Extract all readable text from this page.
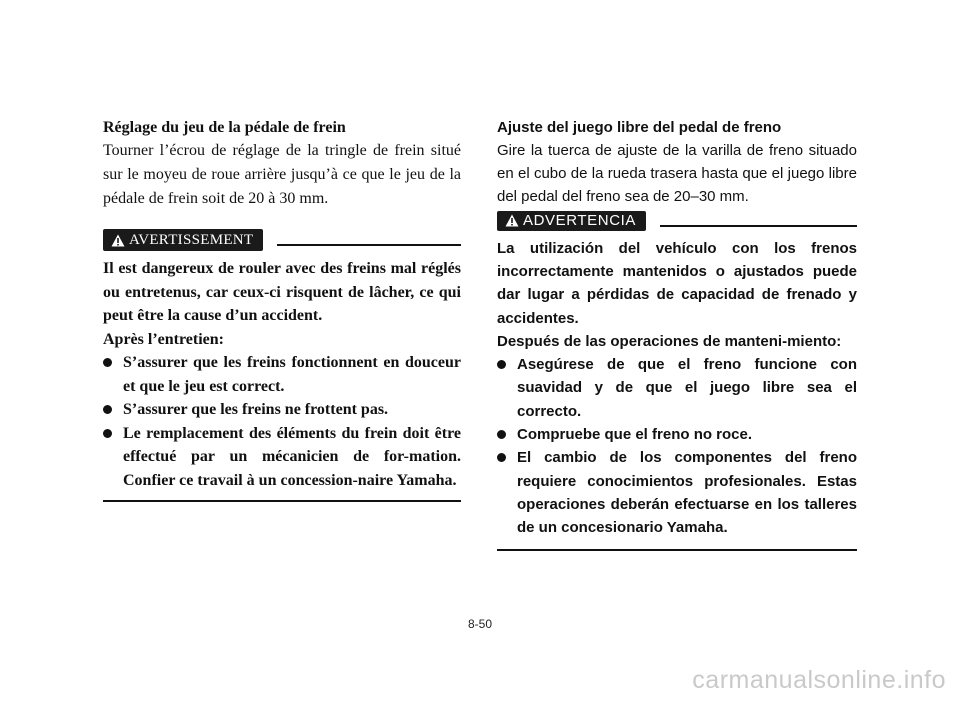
Réglage du jeu de la pédale de frein

Tourner l’écrou de réglage de la tringle de frein situé sur le moyeu de roue arrière jusqu’à ce que le jeu de la pédale de frein soit de 20 à 30 mm.

AVERTISSEMENT
Il est dangereux de rouler avec des freins mal réglés ou entretenus, car ceux-ci risquent de lâcher, ce qui peut être la cause d’un accident.
Après l’entretien:
S’assurer que les freins fonctionnent en douceur et que le jeu est correct.
S’assurer que les freins ne frottent pas.
Le remplacement des éléments du frein doit être effectué par un mécanicien de for-mation. Confier ce travail à un concession-naire Yamaha.

Ajuste del juego libre del pedal de freno

Gire la tuerca de ajuste de la varilla de freno situado en el cubo de la rueda trasera hasta que el juego libre del pedal del freno sea de 20–30 mm.

ADVERTENCIA
La utilización del vehículo con los frenos incorrectamente mantenidos o ajustados puede dar lugar a pérdidas de capacidad de frenado y accidentes.
Después de las operaciones de manteni-miento:
Asegúrese de que el freno funcione con suavidad y de que el juego libre sea el correcto.
Compruebe que el freno no roce.
El cambio de los componentes del freno requiere conocimientos profesionales. Estas operaciones deberán efectuarse en los talleres de un concesionario Yamaha.
8-50
carmanualsonline.info
